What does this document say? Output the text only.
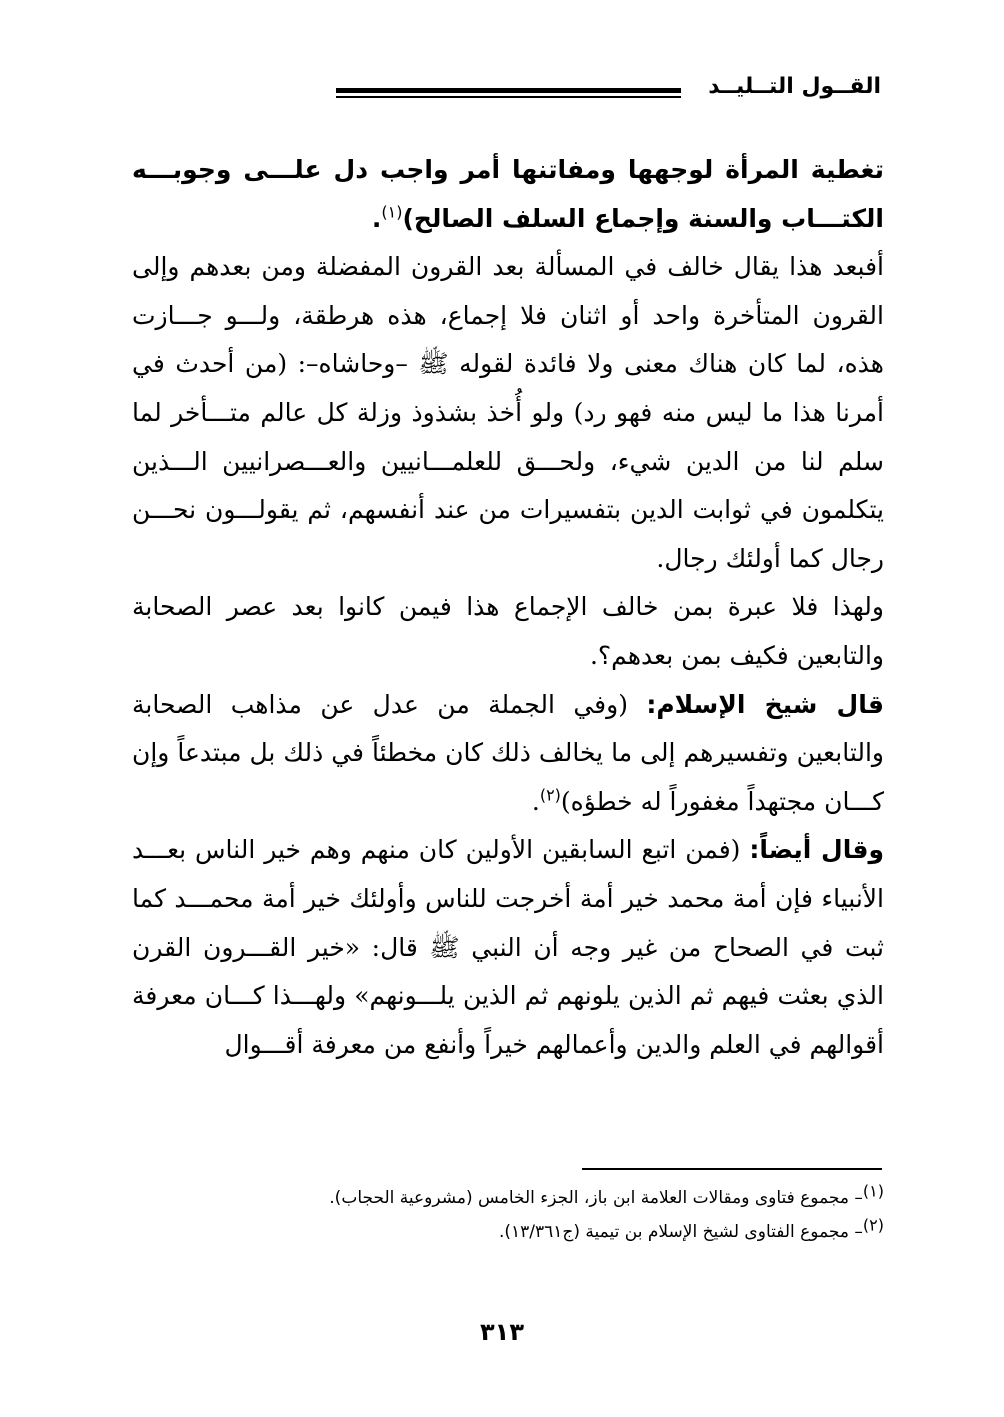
القــول التــليــد

تغطية المرأة لوجهها ومفاتنها أمر واجب دل علـــى وجوبـــه الكتـــاب والسنة وإجماع السلف الصالح)$^{(١)}$.

أفبعد هذا يقال خالف في المسألة بعد القرون المفضلة ومن بعدهم وإلى القرون المتأخرة واحد أو اثنان فلا إجماع، هذه هرطقة، ولـــو جـــازت هذه، لما كان هناك معنى ولا فائدة لقوله ﷺ –وحاشاه–: (من أحدث في أمرنا هذا ما ليس منه فهو رد) ولو أُخذ بشذوذ وزلة كل عالم متـــأخر لما سلم لنا من الدين شيء، ولحـــق للعلمـــانيين والعـــصرانيين الـــذين يتكلمون في ثوابت الدين بتفسيرات من عند أنفسهم، ثم يقولـــون نحـــن رجال كما أولئك رجال.

ولهذا فلا عبرة بمن خالف الإجماع هذا فيمن كانوا بعد عصر الصحابة والتابعين فكيف بمن بعدهم؟.

قال شيخ الإسلام: (وفي الجملة من عدل عن مذاهب الصحابة والتابعين وتفسيرهم إلى ما يخالف ذلك كان مخطئاً في ذلك بل مبتدعاً وإن كـــان مجتهداً مغفوراً له خطؤه)$^{(٢)}$.

وقال أيضاً: (فمن اتبع السابقين الأولين كان منهم وهم خير الناس بعـــد الأنبياء فإن أمة محمد خير أمة أخرجت للناس وأولئك خير أمة محمـــد كما ثبت في الصحاح من غير وجه أن النبي ﷺ قال: «خير القـــرون القرن الذي بعثت فيهم ثم الذين يلونهم ثم الذين يلـــونهم» ولهـــذا كـــان معرفة أقوالهم في العلم والدين وأعمالهم خيراً وأنفع من معرفة أقـــوال

$^{(١)}$– مجموع فتاوى ومقالات العلامة ابن باز، الجزء الخامس (مشروعية الحجاب).

$^{(٢)}$– مجموع الفتاوى لشيخ الإسلام بن تيمية (ج١٣/٣٦١).

٣١٣
